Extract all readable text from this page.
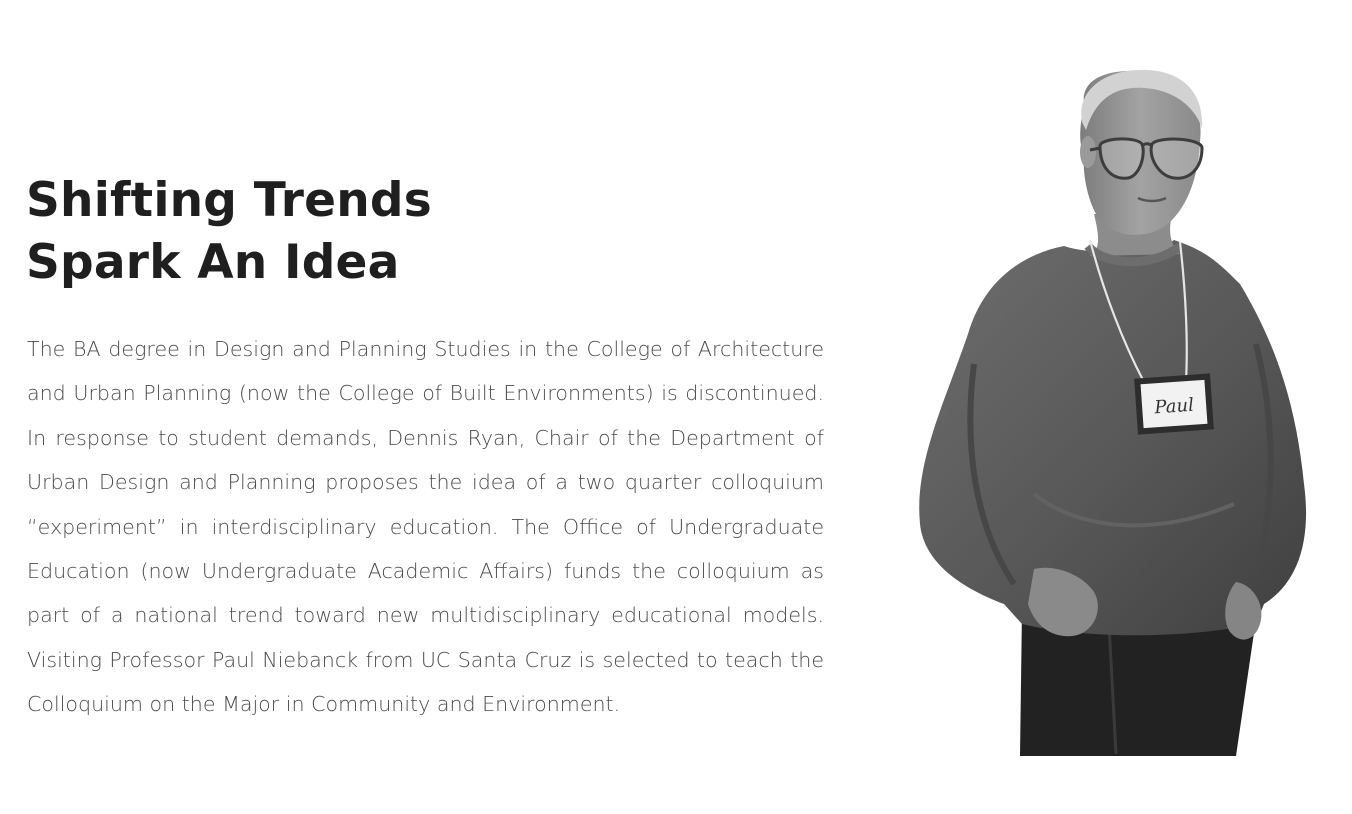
Shifting Trends
Spark An Idea

The BA degree in Design and Planning Studies in the College of Architecture and Urban Planning (now the College of Built Environments) is discontinued. In response to student demands, Dennis Ryan, Chair of the Department of Urban Design and Planning proposes the idea of a two quarter colloquium “experiment” in interdisciplinary education. The Office of Undergraduate Education (now Undergraduate Academic Affairs) funds the colloquium as part of a national trend toward new multidisciplinary educational models. Visiting Professor Paul Niebanck from UC Santa Cruz is selected to teach the Colloquium on the Major in Community and Environment.

Paul
